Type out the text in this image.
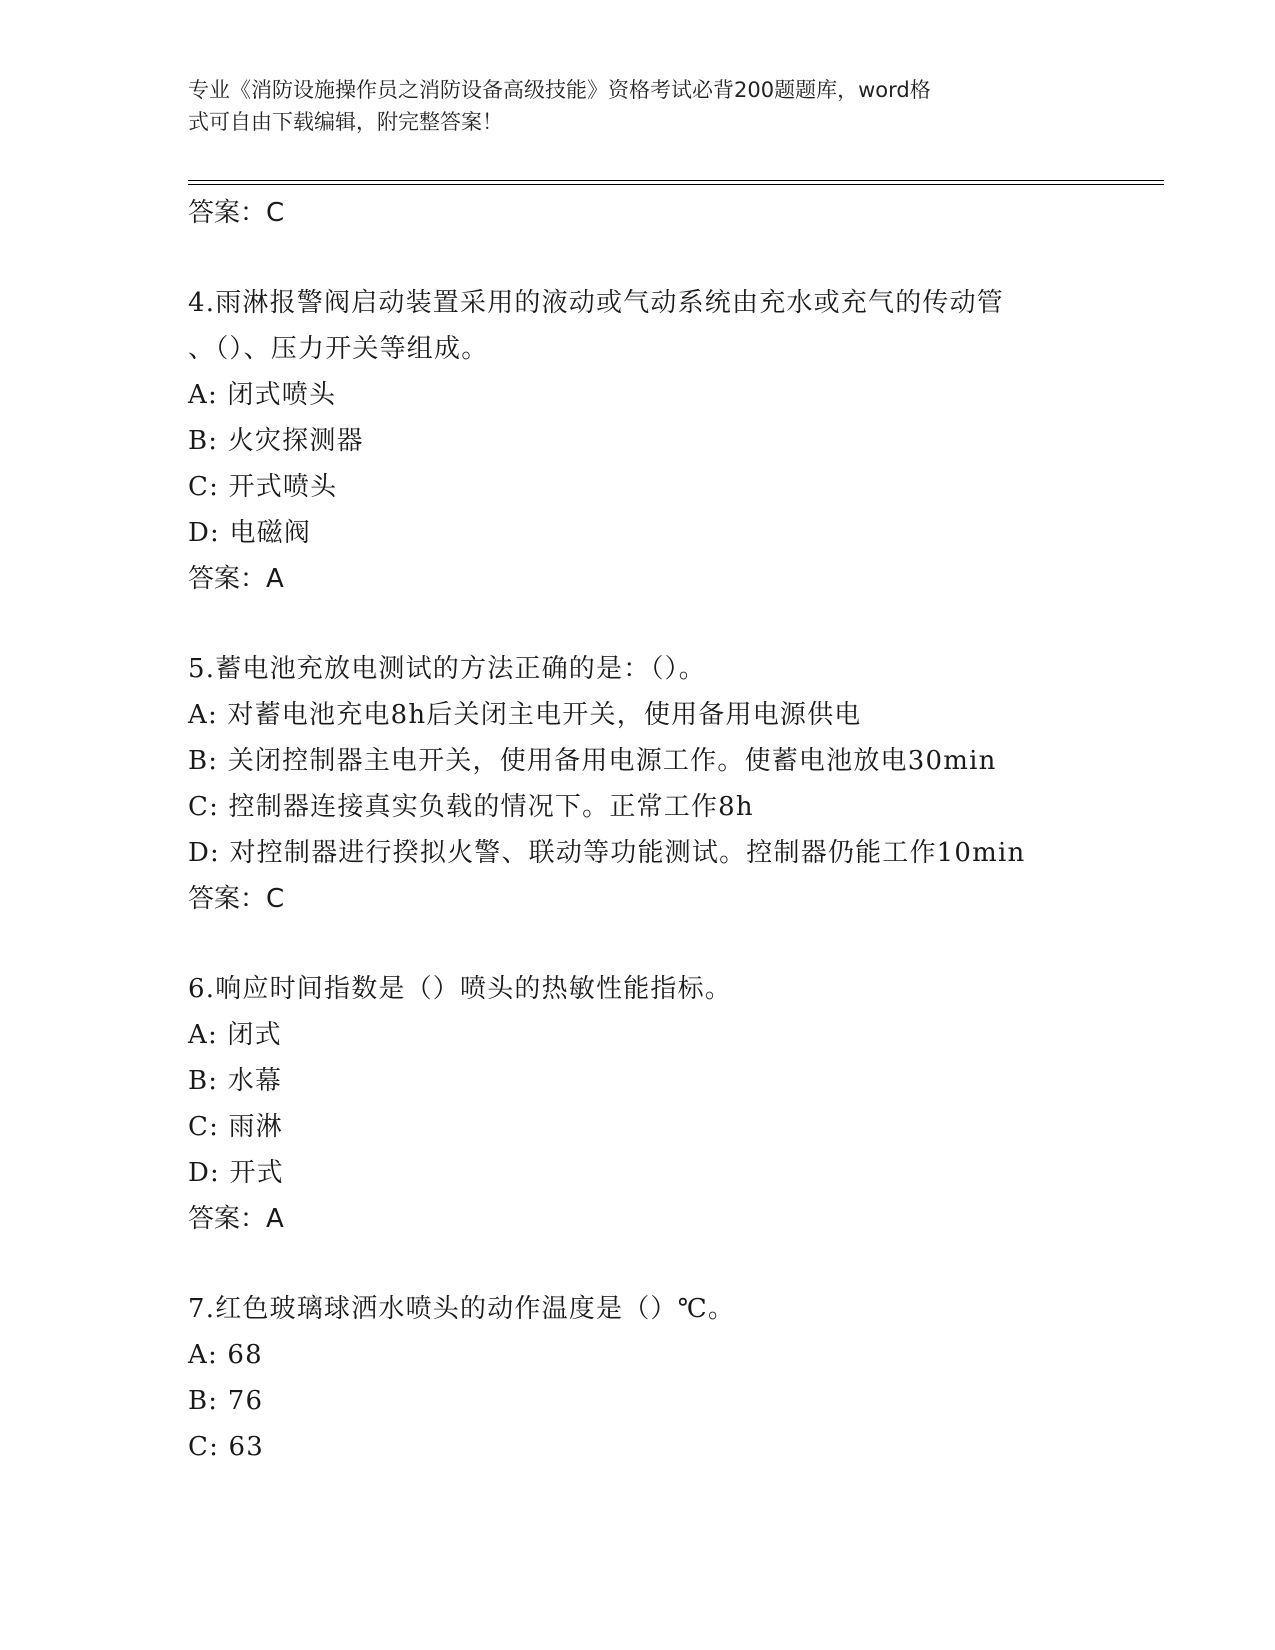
专业《消防设施操作员之消防设备高级技能》资格考试必背200题题库，word格
式可自由下载编辑，附完整答案！
答案：C
4.雨淋报警阀启动装置采用的液动或气动系统由充水或充气的传动管
、（）、压力开关等组成。
A: 闭式喷头
B: 火灾探测器
C: 开式喷头
D: 电磁阀
答案：A
5.蓄电池充放电测试的方法正确的是：（）。
A: 对蓄电池充电8h后关闭主电开关，使用备用电源供电
B: 关闭控制器主电开关，使用备用电源工作。使蓄电池放电30min
C: 控制器连接真实负载的情况下。正常工作8h
D: 对控制器进行揆拟火警、联动等功能测试。控制器仍能工作10min
答案：C
6.响应时间指数是（）喷头的热敏性能指标。
A: 闭式
B: 水幕
C: 雨淋
D: 开式
答案：A
7.红色玻璃球洒水喷头的动作温度是（）℃。
A: 68
B: 76
C: 63
